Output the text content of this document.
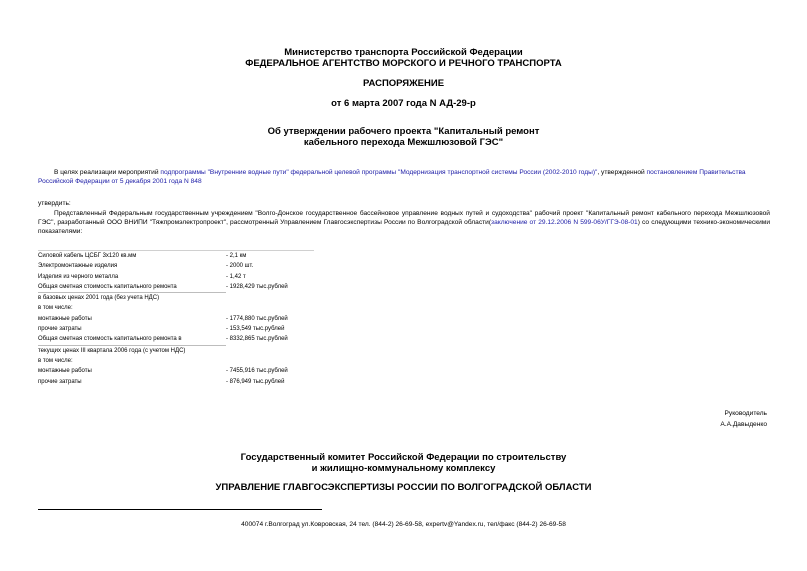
Министерство транспорта Российской Федерации
ФЕДЕРАЛЬНОЕ АГЕНТСТВО МОРСКОГО И РЕЧНОГО ТРАНСПОРТА
РАСПОРЯЖЕНИЕ
от 6 марта 2007 года N АД-29-р
Об утверждении рабочего проекта "Капитальный ремонт
кабельного перехода Межшлюзовой ГЭС"
В целях реализации мероприятий подпрограммы "Внутренние водные пути" федеральной целевой программы "Модернизация транспортной системы России (2002-2010 годы)", утвержденной постановлением Правительства Российской Федерации от 5 декабря 2001 года N 848
утвердить:
Представленный Федеральным государственным учреждением "Волго-Донское государственное бассейновое управление водных путей и судоходства" рабочий проект "Капитальный ремонт кабельного перехода Межшлюзовой ГЭС", разработанный ООО ВНИПИ "Тяжпромэлектропроект", рассмотренный Управлением Главгосэкспертизы России по Волгоградской области(заключение от 29.12.2006 N 599-06У/ГГЭ-08-01) со следующими технико-экономическими показателями:
Силовой кабель ЦСБГ 3х120 кв.мм	- 2,1 км
Электромонтажные изделия	- 2000 шт.
Изделия из черного металла	- 1,42 т
Общая сметная стоимость капитального ремонта	- 1928,429 тыс.рублей
в базовых ценах 2001 года (без учета НДС)	
в том числе:	
монтажные работы	- 1774,880 тыс.рублей
прочие затраты	- 153,549 тыс.рублей
Общая сметная стоимость капитального ремонта в	- 8332,865 тыс.рублей
текущих ценах III квартала 2006 года (с учетом НДС)	
в том числе:	
монтажные работы	- 7455,916 тыс.рублей
прочие затраты	- 876,949 тыс.рублей
Руководитель
А.А.Давыденко
Государственный комитет Российской Федерации по строительству
и жилищно-коммунальному комплексу
УПРАВЛЕНИЕ ГЛАВГОСЭКСПЕРТИЗЫ РОССИИ ПО ВОЛГОГРАДСКОЙ ОБЛАСТИ
400074 г.Волгоград ул.Ковровская, 24 тел. (844-2) 26-69-58, expertv@Yandex.ru, тел/факс (844-2) 26-69-58
